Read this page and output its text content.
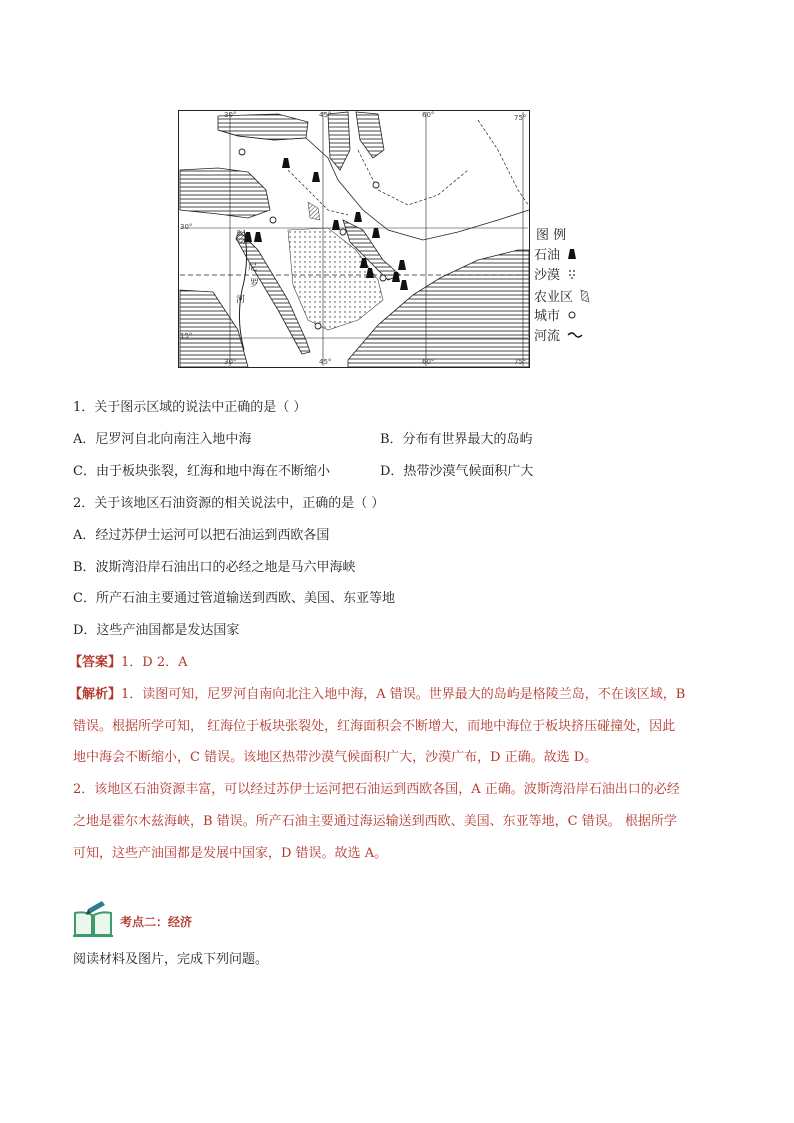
30°	45°	60°	75°
30°	45°	60°	75°
30°
15°
尼
罗
河
图 例
石油
沙漠
农业区
城市
河流
1．关于图示区域的说法中正确的是（ ）
A．尼罗河自北向南注入地中海	B．分布有世界最大的岛屿
C．由于板块张裂，红海和地中海在不断缩小	D．热带沙漠气候面积广大
2．关于该地区石油资源的相关说法中，正确的是（ ）
A．经过苏伊士运河可以把石油运到西欧各国
B．波斯湾沿岸石油出口的必经之地是马六甲海峡
C．所产石油主要通过管道输送到西欧、美国、东亚等地
D．这些产油国都是发达国家
【答案】1．D 2．A
【解析】1．读图可知，尼罗河自南向北注入地中海，A 错误。世界最大的岛屿是格陵兰岛，不在该区域，B
错误。根据所学可知， 红海位于板块张裂处，红海面积会不断增大，而地中海位于板块挤压碰撞处，因此
地中海会不断缩小，C 错误。该地区热带沙漠气候面积广大，沙漠广布，D 正确。故选 D。
2．该地区石油资源丰富，可以经过苏伊士运河把石油运到西欧各国，A 正确。波斯湾沿岸石油出口的必经
之地是霍尔木兹海峡，B 错误。所产石油主要通过海运输送到西欧、美国、东亚等地，C 错误。 根据所学
可知，这些产油国都是发展中国家，D 错误。故选 A。
考点二：经济
阅读材料及图片，完成下列问题。
